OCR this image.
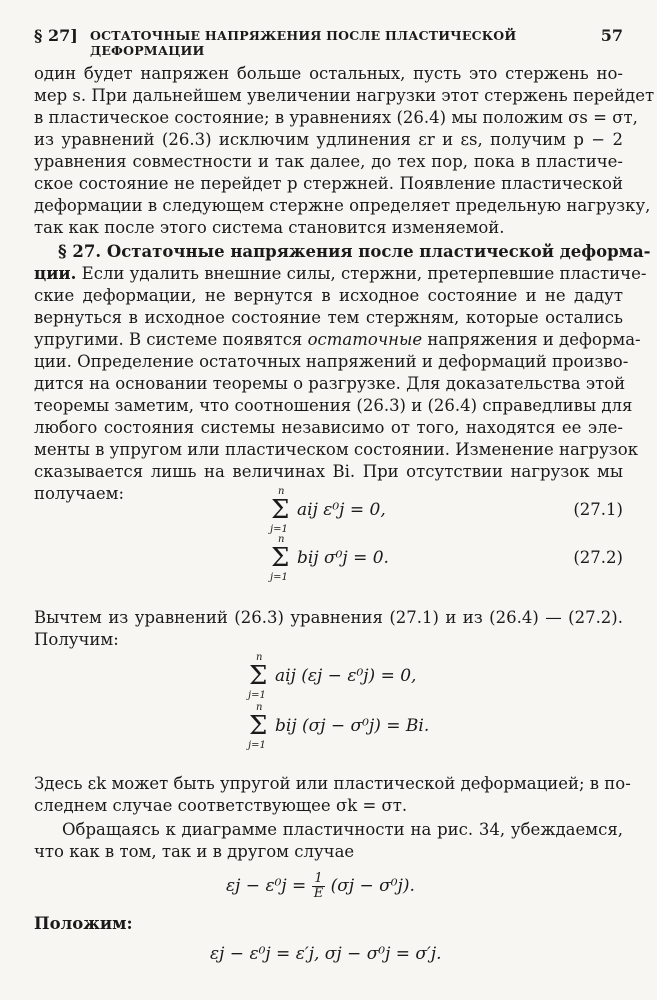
§ 27] ОСТАТОЧНЫЕ НАПРЯЖЕНИЯ ПОСЛЕ ПЛАСТИЧЕСКОЙ ДЕФОРМАЦИИ
57
один будет напряжен больше остальных, пусть это стержень но-
мер s. При дальнейшем увеличении нагрузки этот стержень перейдет
в пластическое состояние; в уравнениях (26.4) мы положим σs = σт,
из уравнений (26.3) исключим удлинения εr и εs, получим p − 2
уравнения совместности и так далее, до тех пор, пока в пластиче-
ское состояние не перейдет p стержней. Появление пластической
деформации в следующем стержне определяет предельную нагрузку,
так как после этого система становится изменяемой.
§ 27. Остаточные напряжения после пластической деформа-
ции. Если удалить внешние силы, стержни, претерпевшие пластиче-
ские деформации, не вернутся в исходное состояние и не дадут
вернуться в исходное состояние тем стержням, которые остались
упругими. В системе появятся остаточные напряжения и деформа-
ции. Определение остаточных напряжений и деформаций произво-
дится на основании теоремы о разгрузке. Для доказательства этой
теоремы заметим, что соотношения (26.3) и (26.4) справедливы для
любого состояния системы независимо от того, находятся ее эле-
менты в упругом или пластическом состоянии. Изменение нагрузок
сказывается лишь на величинах Bi. При отсутствии нагрузок мы
получаем:	n
Σ
j=1
aij ε⁰j = 0,	(27.1)
n
Σ
j=1
bij σ⁰j = 0.	(27.2)
Вычтем из уравнений (26.3) уравнения (27.1) и из (26.4) — (27.2).
Получим:
n
Σ
j=1
aij (εj − ε⁰j) = 0,
n
Σ
j=1
bij (σj − σ⁰j) = Bi.
Здесь εk может быть упругой или пластической деформацией; в по-
следнем случае соответствующее σk = σт.
Обращаясь к диаграмме пластичности на рис. 34, убеждаемся,
что как в том, так и в другом случае
$\varepsilon j - \varepsilon^0j = \frac{1}{E} (\sigma j - \sigma^0j)$.
Положим:
εj − ε⁰j = ε′j, σj − σ⁰j = σ′j.
